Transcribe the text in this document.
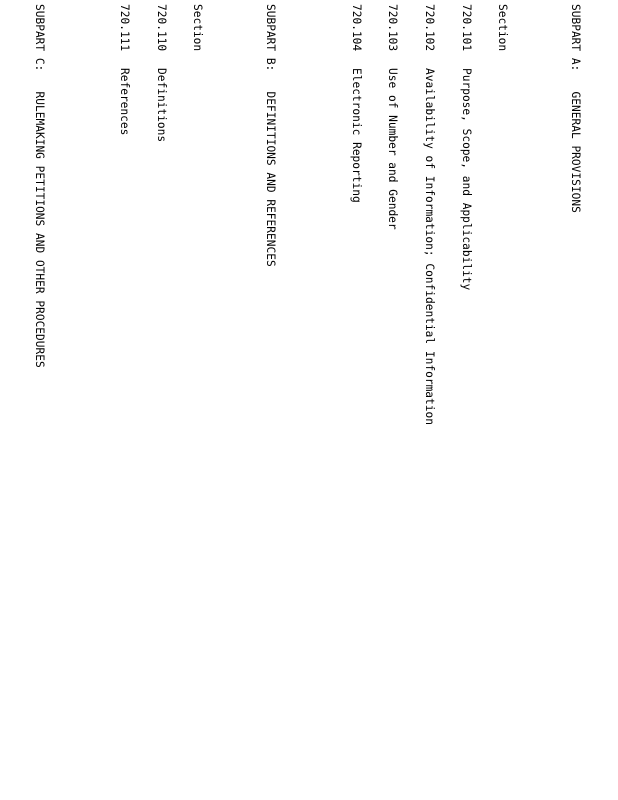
SUBPART A:   GENERAL PROVISIONS

Section

720.101Purpose, Scope, and Applicability

720.102Availability of Information; Confidential Information

720.103Use of Number and Gender

720.104Electronic Reporting

SUBPART B:   DEFINITIONS AND REFERENCES

Section

720.110Definitions

720.111References

SUBPART C:   RULEMAKING PETITIONS AND OTHER PROCEDURES
